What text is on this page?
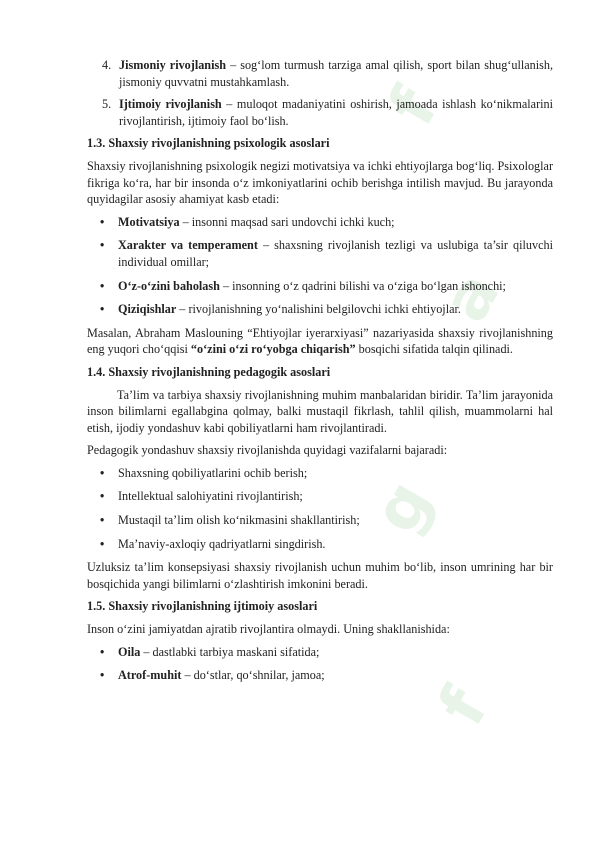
f
a
g
f
4. Jismoniy rivojlanish – sog‘lom turmush tarziga amal qilish, sport bilan shug‘ullanish, jismoniy quvvatni mustahkamlash.
5. Ijtimoiy rivojlanish – muloqot madaniyatini oshirish, jamoada ishlash ko‘nikmalarini rivojlantirish, ijtimoiy faol bo‘lish.
1.3. Shaxsiy rivojlanishning psixologik asoslari

Shaxsiy rivojlanishning psixologik negizi motivatsiya va ichki ehtiyojlarga bog‘liq. Psixologlar fikriga ko‘ra, har bir insonda o‘z imkoniyatlarini ochib berishga intilish mavjud. Bu jarayonda quyidagilar asosiy ahamiyat kasb etadi:

• Motivatsiya – insonni maqsad sari undovchi ichki kuch;
• Xarakter va temperament – shaxsning rivojlanish tezligi va uslubiga ta’sir qiluvchi individual omillar;
• O‘z-o‘zini baholash – insonning o‘z qadrini bilishi va o‘ziga bo‘lgan ishonchi;
• Qiziqishlar – rivojlanishning yo‘nalishini belgilovchi ichki ehtiyojlar.

Masalan, Abraham Maslouning “Ehtiyojlar iyerarxiyasi” nazariyasida shaxsiy rivojlanishning eng yuqori cho‘qqisi “o‘zini o‘zi ro‘yobga chiqarish” bosqichi sifatida talqin qilinadi.

1.4. Shaxsiy rivojlanishning pedagogik asoslari

Ta’lim va tarbiya shaxsiy rivojlanishning muhim manbalaridan biridir. Ta’lim jarayonida inson bilimlarni egallabgina qolmay, balki mustaqil fikrlash, tahlil qilish, muammolarni hal etish, ijodiy yondashuv kabi qobiliyatlarni ham rivojlantiradi.

Pedagogik yondashuv shaxsiy rivojlanishda quyidagi vazifalarni bajaradi:

• Shaxsning qobiliyatlarini ochib berish;
• Intellektual salohiyatini rivojlantirish;
• Mustaqil ta’lim olish ko‘nikmasini shakllantirish;
• Ma’naviy-axloqiy qadriyatlarni singdirish.

Uzluksiz ta’lim konsepsiyasi shaxsiy rivojlanish uchun muhim bo‘lib, inson umrining har bir bosqichida yangi bilimlarni o‘zlashtirish imkonini beradi.

1.5. Shaxsiy rivojlanishning ijtimoiy asoslari

Inson o‘zini jamiyatdan ajratib rivojlantira olmaydi. Uning shakllanishida:

• Oila – dastlabki tarbiya maskani sifatida;
• Atrof-muhit – do‘stlar, qo‘shnilar, jamoa;
